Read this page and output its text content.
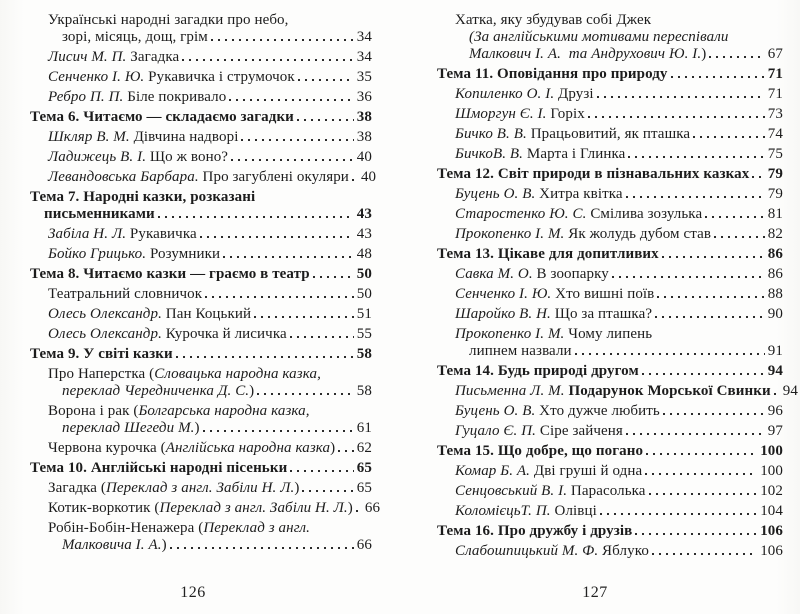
Українські народні загадки про небо,
зорі, місяць, дощ, грім	34
Лисич М. П. Загадка	34
Сенченко І. Ю. Рукавичка і струмочок	35
Ребро П. П. Біле покривало	36
Тема 6. Читаємо — складаємо загадки	38
Шкляр В. М. Дівчина надворі	38
Ладижець В. І. Що ж воно?	40
Левандовська Барбара. Про загублені окуляри 40
Тема 7. Народні казки, розказані
письменниками	43
Забіла Н. Л. Рукавичка	43
Бойко Грицько. Розумники	48
Тема 8. Читаємо казки — граємо в театр	50
Театральний словничок	50
Олесь Олександр. Пан Коцький	51
Олесь Олександр. Курочка й лисичка	55
Тема 9. У світі казки	58
Про Наперстка ( Словацька народна казка,
переклад Чередниченка Д. С. )	58
Ворона і рак ( Болгарська народна казка,
переклад Шегеди М. )	61
Червона курочка ( Англійська народна казка ) 62
Тема 10. Англійські народні пісеньки	65
Загадка ( Переклад з англ. Забіли Н. Л. )	65
Котик-воркотик ( Переклад з англ. Забіли Н. Л. ) 66
Робін-Бобін-Ненажера ( Переклад з англ.
Малковича І. А. )	66
Хатка, яку збудував собі Джек
(За англійськими мотивами переспівали
Малкович І. А.  та Андрухович Ю. І. )	67
Тема 11. Оповідання про природу	71
Копиленко О. І. Друзі	71
Шморгун Є. І. Горіх	73
Бичко В. В. Працьовитий, як пташка	74
БичкоВ. В. Марта і Глинка	75
Тема 12. Світ природи в пізнавальних казках 79
Буцень О. В. Хитра квітка	79
Старостенко Ю. С. Смілива зозулька	81
Прокопенко І. М. Як жолудь дубом став	82
Тема 13. Цікаве для допитливих	86
Савка М. О. В зоопарку	86
Сенченко І. Ю. Хто вишні поїв	88
Шаройко В. Н. Що за пташка?	90
Прокопенко І. М. Чому липень
липнем назвали	91
Тема 14. Будь природі другом	94
Письменна Л. М. Подарунок Морської Свинки 94
Буцень О. В. Хто дужче любить	96
Гуцало Є. П. Сіре зайченя	97
Тема 15. Що добре, що погано	100
Комар Б. А. Дві груші й одна	100
Сенцовський В. І. Парасолька	102
КоломієцьТ. П. Олівці	104
Тема 16. Про дружбу і друзів	106
Слабошпицький М. Ф. Яблуко	106
126	127
